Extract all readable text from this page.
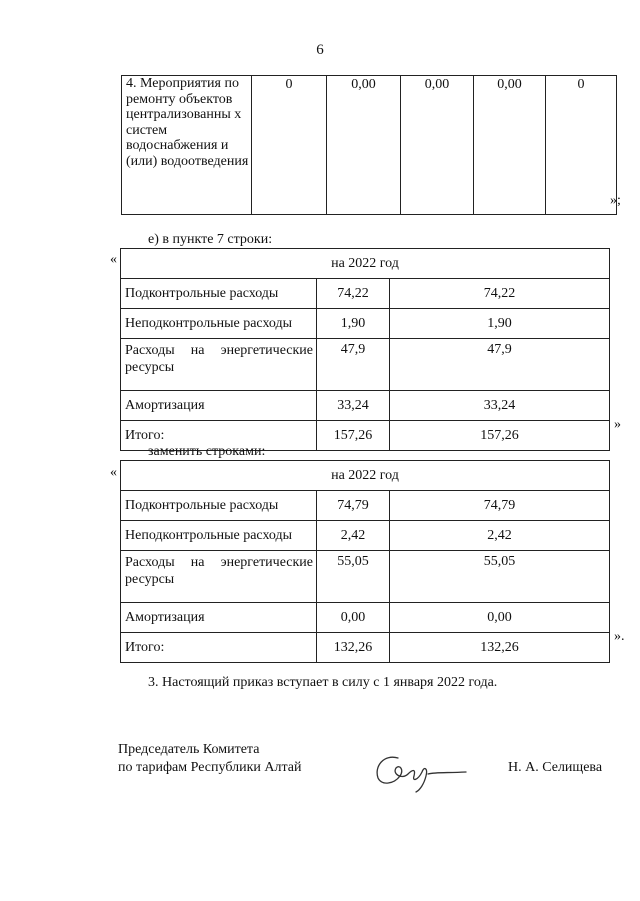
6
4. Мероприятия по ремонту объектов централизованны х систем водоснабжения и (или) водоотведения	0	0,00	0,00	0,00	0
»;
е) в пункте 7 строки:
«	на 2022 год		
Подконтрольные расходы	74,22	74,22
Неподконтрольные расходы	1,90	1,90
Расходы на энергетические ресурсы	47,9	47,9
Амортизация	33,24	33,24
Итого:	157,26	157,26
»
заменить строками:
«	на 2022 год		
Подконтрольные расходы	74,79	74,79
Неподконтрольные расходы	2,42	2,42
Расходы на энергетические ресурсы	55,05	55,05
Амортизация	0,00	0,00
Итого:	132,26	132,26
».
3. Настоящий приказ вступает в силу с 1 января 2022 года.
Председатель Комитета
по тарифам Республики Алтай	Н. А. Селищева
